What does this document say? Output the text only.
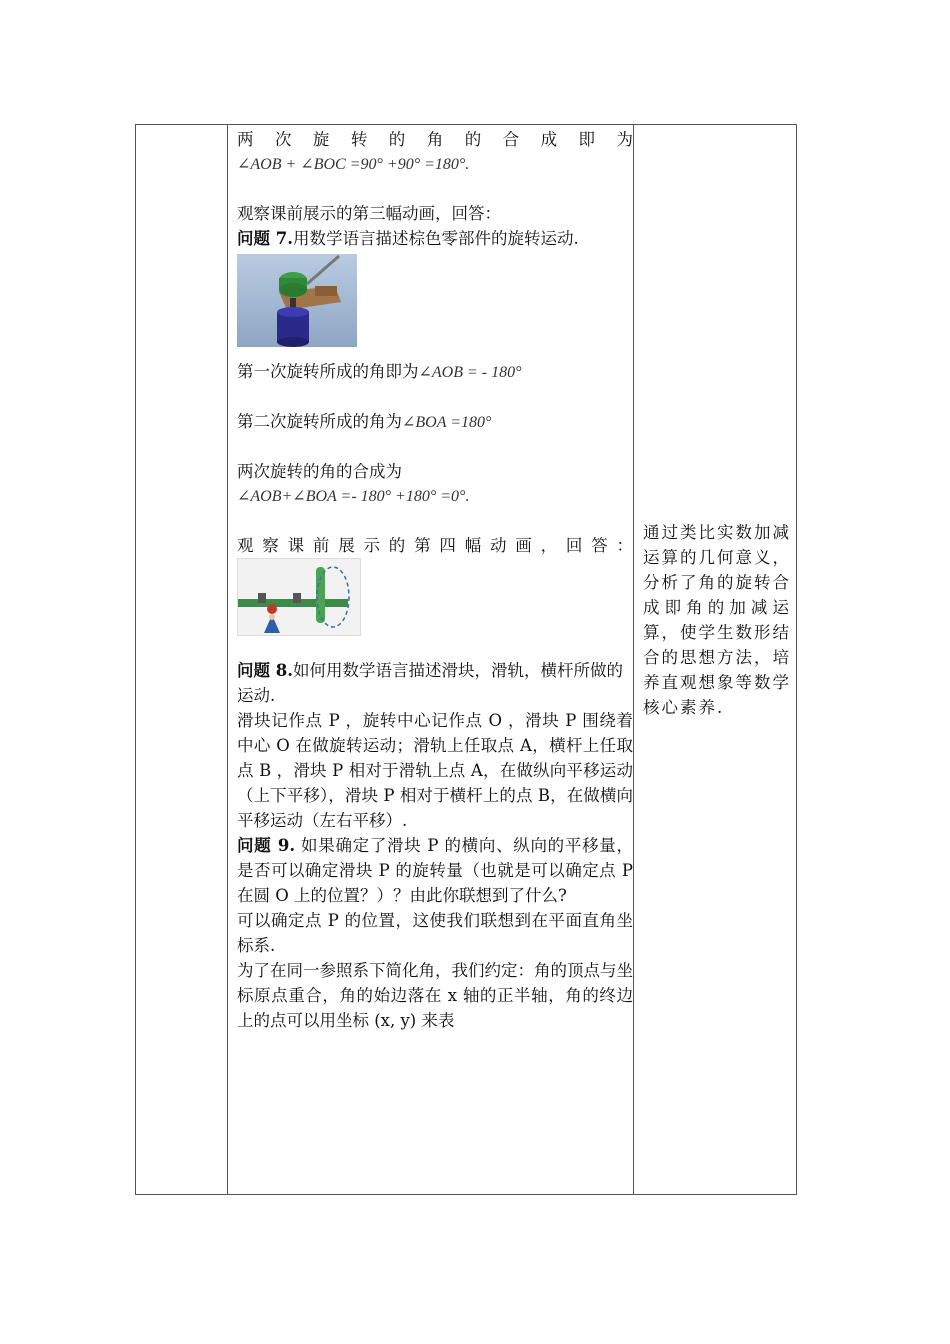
两 次 旋 转 的 角 的 合 成 即 为

∠AOB + ∠BOC =90° +90° =180°.

观察课前展示的第三幅动画，回答：

问题 7.用数学语言描述棕色零部件的旋转运动.

第一次旋转所成的角即为∠AOB = - 180°

第二次旋转所成的角为∠BOA =180°

两次旋转的角的合成为

∠AOB+∠BOA =- 180° +180° =0°.

观 察 课 前 展 示 的 第 四 幅 动 画 ， 回 答 ：

问题 8.如何用数学语言描述滑块，滑轨，横杆所做的运动.

滑块记作点 P ，旋转中心记作点 O ，滑块 P 围绕着中心 O 在做旋转运动；滑轨上任取点 A，横杆上任取点 B ，滑块 P 相对于滑轨上点 A，在做纵向平移运动（上下平移），滑块 P 相对于横杆上的点 B，在做横向平移运动（左右平移）.

问题 9. 如果确定了滑块 P 的横向、纵向的平移量，是否可以确定滑块 P 的旋转量（也就是可以确定点 P 在圆 O 上的位置？）？由此你联想到了什么?

可以确定点 P 的位置，这使我们联想到在平面直角坐标系.

为了在同一参照系下简化角，我们约定：角的顶点与坐标原点重合，角的始边落在 x 轴的正半轴，角的终边上的点可以用坐标 (x, y) 来表

通过类比实数加减运算的几何意义，分析了角的旋转合成即角的加减运算，使学生数形结合的思想方法，培养直观想象等数学核心素养.
